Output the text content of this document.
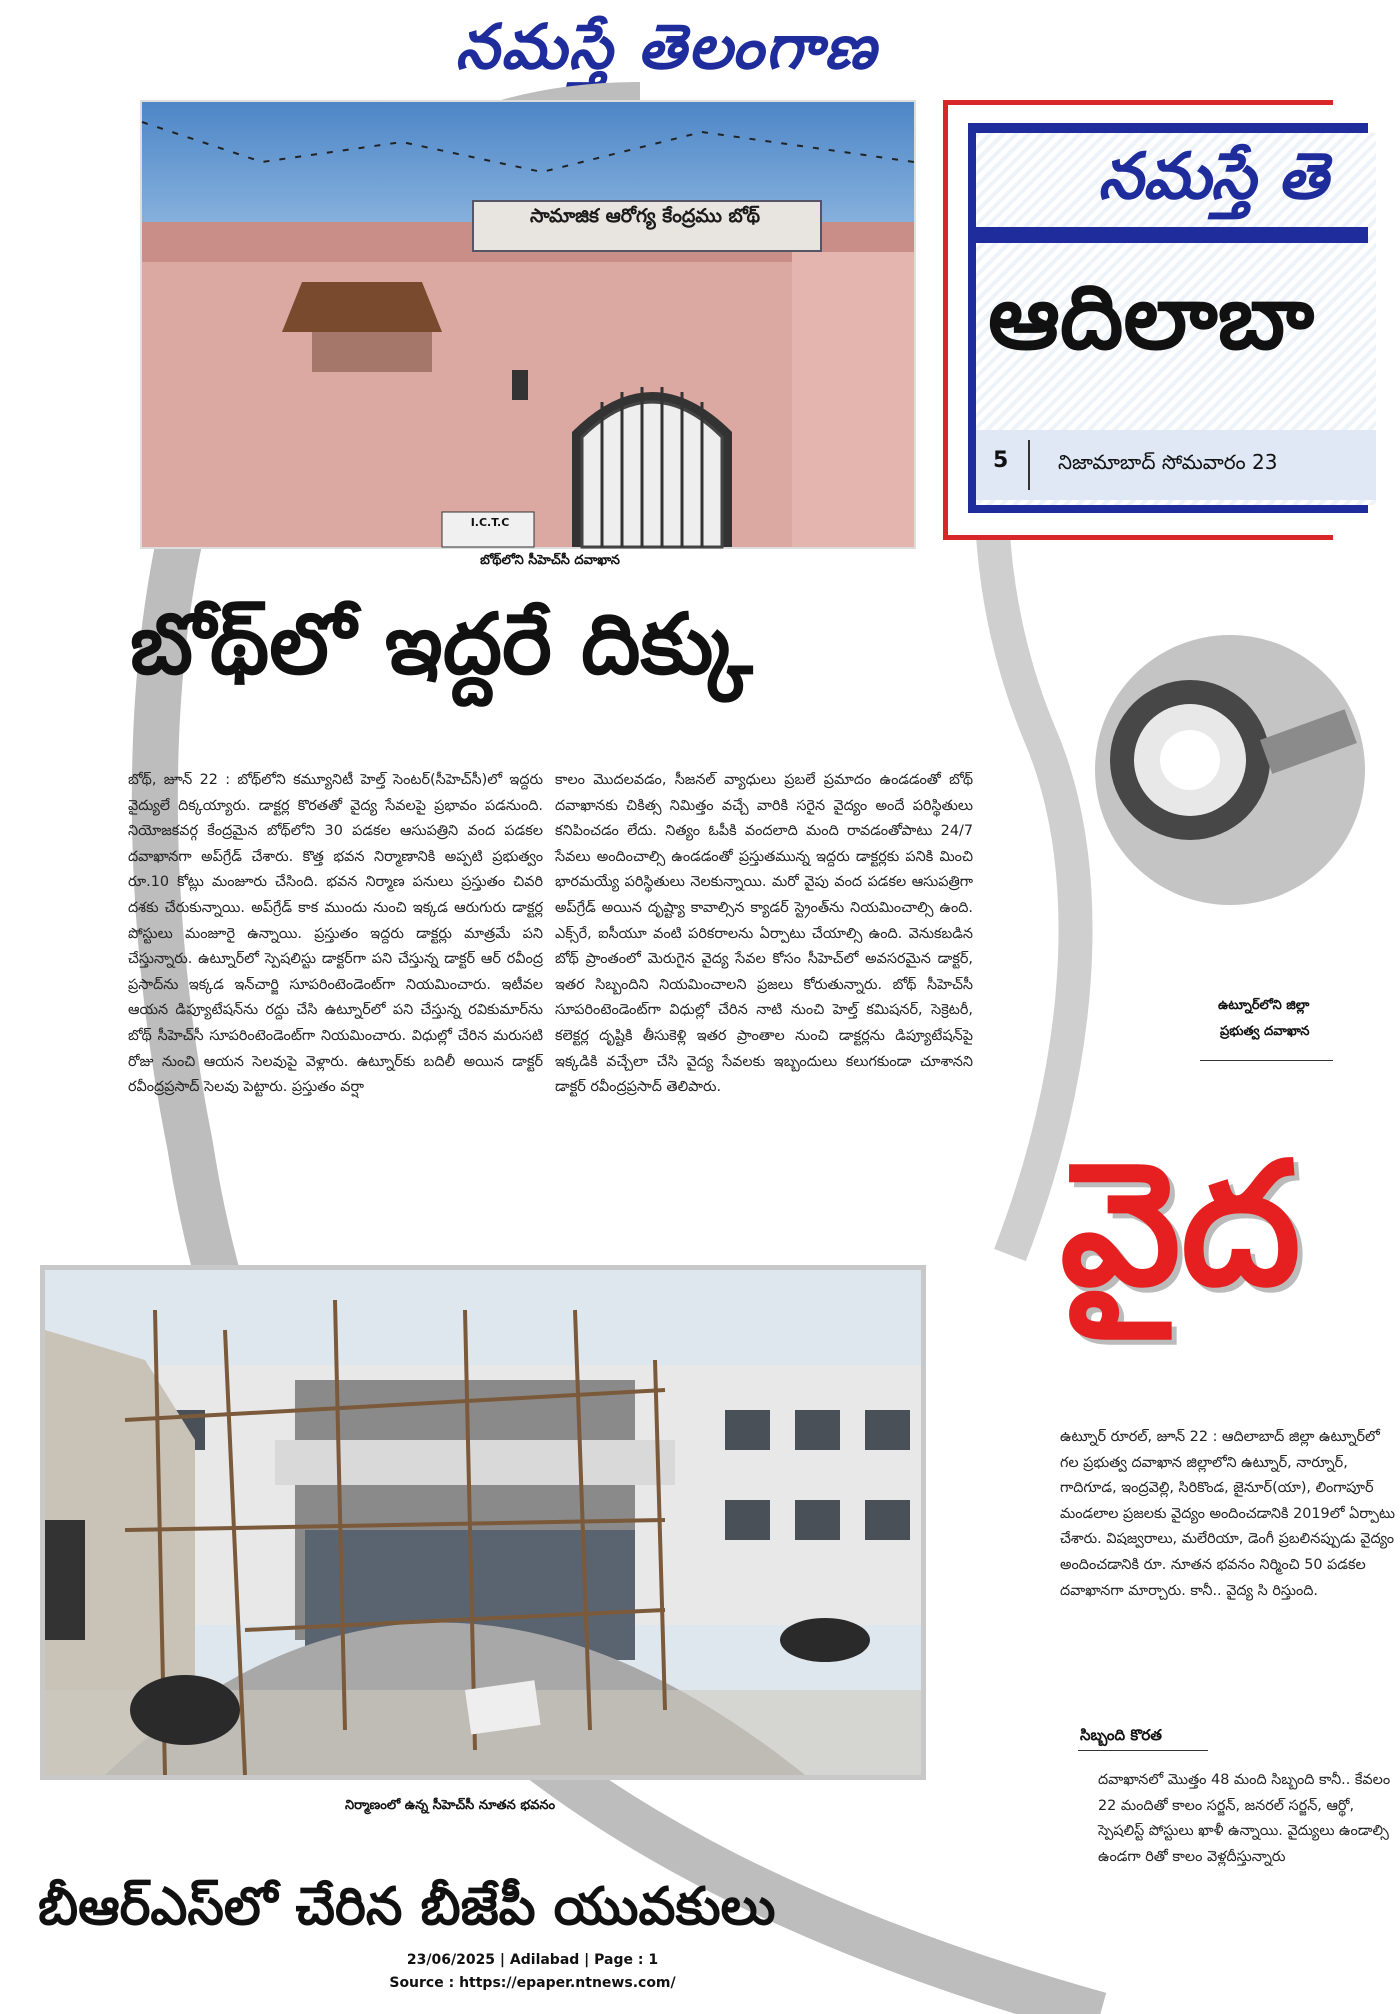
నమస్తే తెలంగాణ
సామాజిక ఆరోగ్య కేంద్రము బోథ్
I.C.T.C
బోథ్‌లోని సీహెచ్‌సీ దవాఖాన
నమస్తే తె
ఆదిలాబా
5 నిజామాబాద్ సోమవారం 23
బోథ్‌లో ఇద్దరే దిక్కు

బోథ్, జూన్ 22 : బోథ్‌లోని కమ్యూనిటీ హెల్త్ సెంటర్(సీహెచ్‌సీ)లో ఇద్దరు వైద్యులే దిక్కయ్యారు. డాక్టర్ల కొరతతో వైద్య సేవలపై ప్రభావం పడనుంది. నియోజకవర్గ కేంద్రమైన బోథ్‌లోని 30 పడకల ఆసుపత్రిని వంద పడకల దవాఖానగా అప్‌గ్రేడ్ చేశారు. కొత్త భవన నిర్మాణానికి అప్పటి ప్రభుత్వం రూ.10 కోట్లు మంజూరు చేసింది. భవన నిర్మాణ పనులు ప్రస్తుతం చివరి దశకు చేరుకున్నాయి. అప్‌గ్రేడ్ కాక ముందు నుంచి ఇక్కడ ఆరుగురు డాక్టర్ల పోస్టులు మంజూరై ఉన్నాయి. ప్రస్తుతం ఇద్దరు డాక్టర్లు మాత్రమే పని చేస్తున్నారు. ఉట్నూర్‌లో స్పెషలిస్టు డాక్టర్‌గా పని చేస్తున్న డాక్టర్ ఆర్ రవీంద్ర ప్రసాద్‌ను ఇక్కడ ఇన్‌చార్జి సూపరింటెండెంట్‌గా నియమించారు. ఇటీవల ఆయన డిప్యూటేషన్‌ను రద్దు చేసి ఉట్నూర్‌లో పని చేస్తున్న రవికుమార్‌ను బోథ్ సీహెచ్‌సీ సూపరింటెండెంట్‌గా నియమించారు. విధుల్లో చేరిన మరుసటి రోజు నుంచి ఆయన సెలవుపై వెళ్లారు. ఉట్నూర్‌కు బదిలీ అయిన డాక్టర్ రవీంద్రప్రసాద్ సెలవు పెట్టారు. ప్రస్తుతం వర్షా

కాలం మొదలవడం, సీజనల్ వ్యాధులు ప్రబలే ప్రమాదం ఉండడంతో బోథ్ దవాఖానకు చికిత్స నిమిత్తం వచ్చే వారికి సరైన వైద్యం అందే పరిస్థితులు కనిపించడం లేదు. నిత్యం ఓపీకి వందలాది మంది రావడంతోపాటు 24/7 సేవలు అందించాల్సి ఉండడంతో ప్రస్తుతమున్న ఇద్దరు డాక్టర్లకు పనికి మించి భారమయ్యే పరిస్థితులు నెలకున్నాయి. మరో వైపు వంద పడకల ఆసుపత్రిగా అప్‌గ్రేడ్ అయిన దృష్ట్యా కావాల్సిన క్యాడర్ స్ట్రెంత్‌ను నియమించాల్సి ఉంది. ఎక్స్‌రే, ఐసీయూ వంటి పరికరాలను ఏర్పాటు చేయాల్సి ఉంది. వెనుకబడిన బోథ్ ప్రాంతంలో మెరుగైన వైద్య సేవల కోసం సీహెచ్‌లో అవసరమైన డాక్టర్, ఇతర సిబ్బందిని నియమించాలని ప్రజలు కోరుతున్నారు. బోథ్ సీహెచ్‌సీ సూపరింటెండెంట్‌గా విధుల్లో చేరిన నాటి నుంచి హెల్త్ కమిషనర్, సెక్రెటరీ, కలెక్టర్ల దృష్టికి తీసుకెళ్లి ఇతర ప్రాంతాల నుంచి డాక్టర్లను డిప్యూటేషన్‌పై ఇక్కడికి వచ్చేలా చేసి వైద్య సేవలకు ఇబ్బందులు కలుగకుండా చూశానని డాక్టర్ రవీంద్రప్రసాద్ తెలిపారు.

ఉట్నూర్‌లోని జిల్లా
ప్రభుత్వ దవాఖాన
వైద
ఉట్నూర్ రూరల్, జూన్ 22 : ఆదిలాబాద్ జిల్లా ఉట్నూర్‌లో గల ప్రభుత్వ దవాఖాన జిల్లాలోని ఉట్నూర్, నార్నూర్, గాదిగూడ, ఇంద్రవెల్లి, సిరికొండ, జైనూర్(యా), లింగాపూర్ మండలాల ప్రజలకు వైద్యం అందించడానికి 2019లో ఏర్పాటు చేశారు. విషజ్వరాలు, మలేరియా, డెంగీ ప్రబలినప్పుడు వైద్యం అందించడానికి రూ. నూతన భవనం నిర్మించి 50 పడకల దవాఖానగా మార్చారు. కానీ.. వైద్య సి రిస్తుంది.
సిబ్బంది కొరత
దవాఖానలో మొత్తం 48 మంది సిబ్బంది కానీ.. కేవలం 22 మందితో కాలం సర్జన్, జనరల్ సర్జన్, ఆర్థో, స్పెషలిస్ట్ పోస్టులు ఖాళీ ఉన్నాయి. వైద్యులు ఉండాల్సి ఉండగా రితో కాలం వెళ్లదీస్తున్నారు
నిర్మాణంలో ఉన్న సీహెచ్‌సీ నూతన భవనం
బీఆర్‌ఎస్‌లో చేరిన బీజేపీ యువకులు
23/06/2025 | Adilabad | Page : 1
Source : https://epaper.ntnews.com/
